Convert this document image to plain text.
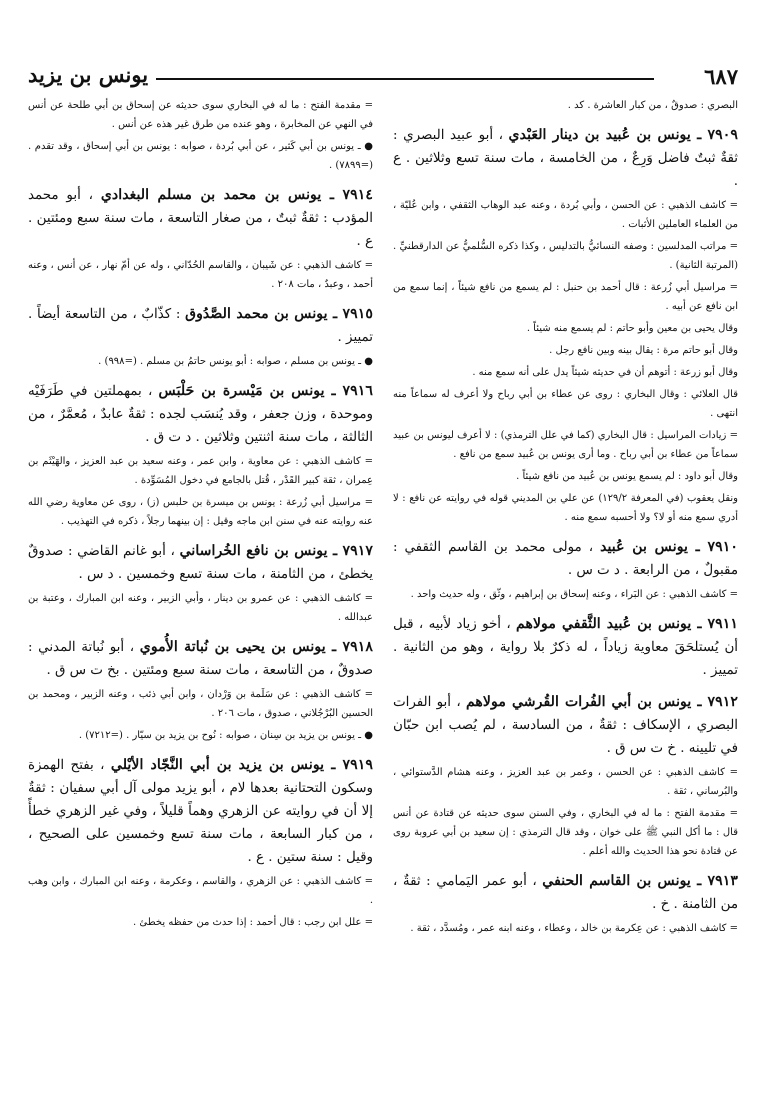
٦٨٧
يونس بن يزيد

البصري : صدوقٌ ، من كبار العاشرة . كد .

٧٩٠٩ ـ يونس بن عُبيد بن دينار العَبْدي ، أبو عبيد البصري : ثقةٌ ثبتٌ فاضل وَرِعٌ ، من الخامسة ، مات سنة تسع وثلاثين . ع .

= كاشف الذهبي : عن الحسن ، وأبي بُردة ، وعنه عبد الوهاب الثقفي ، وابن عُليّة ، من العلماء العاملين الأثبات .

= مراتب المدلسين : وصفه النسائيُّ بالتدليس ، وكذا ذكره السُّلميُّ عن الدارقطنيِّ . (المرتبة الثانية) .

= مراسيل أبي زُرعة : قال أحمد بن حنبل : لم يسمع من نافع شيئاً ، إنما سمع من ابن نافع عن أبيه .

وقال يحيى بن معين وأبو حاتم : لم يسمع منه شيئاً .

وقال أبو حاتم مرة : يقال بينه وبين نافع رجل .

وقال أبو زرعة : أتوهم أن في حديثه شيئاً يدل على أنه سمع منه .

قال العلائي : وقال البخاري : روى عن عطاء بن أبي رباح ولا أعرف له سماعاً منه انتهى .

= زيادات المراسيل : قال البخاري (كما في علل الترمذي) : لا أعرف ليونس بن عبيد سماعاً من عطاء بن أبي رباح . وما أرى يونس بن عُبيد سمع من نافع .

وقال أبو داود : لم يسمع يونس بن عُبيد من نافع شيئاً .

ونقل يعقوب (في المعرفة ١٢٩/٢) عن علي بن المديني قوله في روايته عن نافع : لا أدري سمع منه أو لا؟ ولا أحسبه سمع منه .

٧٩١٠ ـ يونس بن عُبيد ، مولى محمد بن القاسم الثقفي : مقبولٌ ، من الرابعة . د ت س .

= كاشف الذهبي : عن البَراء ، وعنه إسحاق بن إبراهيم ، وثّق ، وله حديث واحد .

٧٩١١ ـ يونس بن عُبيد الثَّقفي مولاهم ، أخو زياد لأبيه ، قبل أن يُستلحَقَ معاوية زياداً ، له ذكرٌ بلا رواية ، وهو من الثانية . تمييز .

٧٩١٢ ـ يونس بن أبي الفُرات القُرشي مولاهم ، أبو الفرات البصري ، الإسكاف : ثقةٌ ، من السادسة ، لم يُصب ابن حبّان في تليينه . خ ت س ق .

= كاشف الذهبي : عن الحسن ، وعمر بن عبد العزيز ، وعنه هشام الدَّستوائي ، والبُرساني ، ثقة .

= مقدمة الفتح : ما له في البخاري ، وفي السنن سوى حديثه عن قتادة عن أنس قال : ما أكل النبي ﷺ على خوان ، وقد قال الترمذي : إن سعيد بن أبي عروبة روى عن قتادة نحو هذا الحديث والله أعلم .

٧٩١٣ ـ يونس بن القاسم الحنفي ، أبو عمر اليَمامي : ثقةٌ ، من الثامنة . خ .

= كاشف الذهبي : عن عِكرمة بن خالد ، وعطاء ، وعنه ابنه عمر ، ومُسدَّد ، ثقة .

= مقدمة الفتح : ما له في البخاري سوى حديثه عن إسحاق بن أبي طلحة عن أنس في النهي عن المخابرة ، وهو عنده من طرق غير هذه عن أنس .

● ـ يونس بن أبي كَثير ، عن أبي بُردة ، صوابه : يونس بن أبي إسحاق ، وقد تقدم . (=٧٨٩٩) .

٧٩١٤ ـ يونس بن محمد بن مسلم البغدادي ، أبو محمد المؤدب : ثقةٌ ثبتٌ ، من صغار التاسعة ، مات سنة سبع ومئتين . ع .

= كاشف الذهبي : عن شَيبان ، والقاسم الحُدّاني ، وله عن أمّ نهار ، عن أنس ، وعنه أحمد ، وعبدٌ ، مات ٢٠٨ .

٧٩١٥ ـ يونس بن محمد الصَّدُوق : كذّابٌ ، من التاسعة أيضاً . تمييز .

● ـ يونس بن مسلم ، صوابه : أبو يونس حاتمُ بن مسلم . (=٩٩٨) .

٧٩١٦ ـ يونس بن مَيْسرة بن حَلْبَس ، بمهملتين في طَرَفَيْه وموحدة ، وزن جعفر ، وقد يُنسَب لجده : ثقةٌ عابدٌ ، مُعمَّرٌ ، من الثالثة ، مات سنة اثنتين وثلاثين . د ت ق .

= كاشف الذهبي : عن معاوية ، وابن عمر ، وعنه سعيد بن عبد العزيز ، والهَيْثَم بن عِمران ، ثقة كبير القَدْر ، قُتل بالجامع في دخول المُسَوِّدة .

= مراسيل أبي زُرعة : يونس بن ميسرة بن حلبس (ز) ، روى عن معاوية رضي الله عنه روايته عنه في سنن ابن ماجه وقيل : إن بينهما رجلاً ، ذكره في التهذيب .

٧٩١٧ ـ يونس بن نافع الخُراساني ، أبو غانم القاضي : صدوقٌ يخطئ ، من الثامنة ، مات سنة تسع وخمسين . د س .

= كاشف الذهبي : عن عمرو بن دينار ، وأبي الزبير ، وعنه ابن المبارك ، وعتبة بن عبدالله .

٧٩١٨ ـ يونس بن يحيى بن نُباتة الأُموي ، أبو نُباتة المدني : صدوقٌ ، من التاسعة ، مات سنة سبع ومئتين . بخ ت س ق .

= كاشف الذهبي : عن سَلَمة بن وَرْدان ، وابن أبي ذئب ، وعنه الزبير ، ومحمد بن الحسين البُرْجُلاني ، صدوق ، مات ٢٠٦ .

● ـ يونس بن يزيد بن سِنان ، صوابه : نُوح بن يزيد بن سيّار . (=٧٢١٢) .

٧٩١٩ ـ يونس بن يزيد بن أبي النَّجّاد الأيْلي ، بفتح الهمزة وسكون التحتانية بعدها لام ، أبو يزيد مولى آل أبي سفيان : ثقةٌ إلا أن في روايته عن الزهري وهماً قليلاً ، وفي غير الزهري خطأً ، من كبار السابعة ، مات سنة تسع وخمسين على الصحيح ، وقيل : سنة ستين . ع .

= كاشف الذهبي : عن الزهري ، والقاسم ، وعكرمة ، وعنه ابن المبارك ، وابن وهب .

= علل ابن رجب : قال أحمد : إذا حدث من حفظه يخطئ .
